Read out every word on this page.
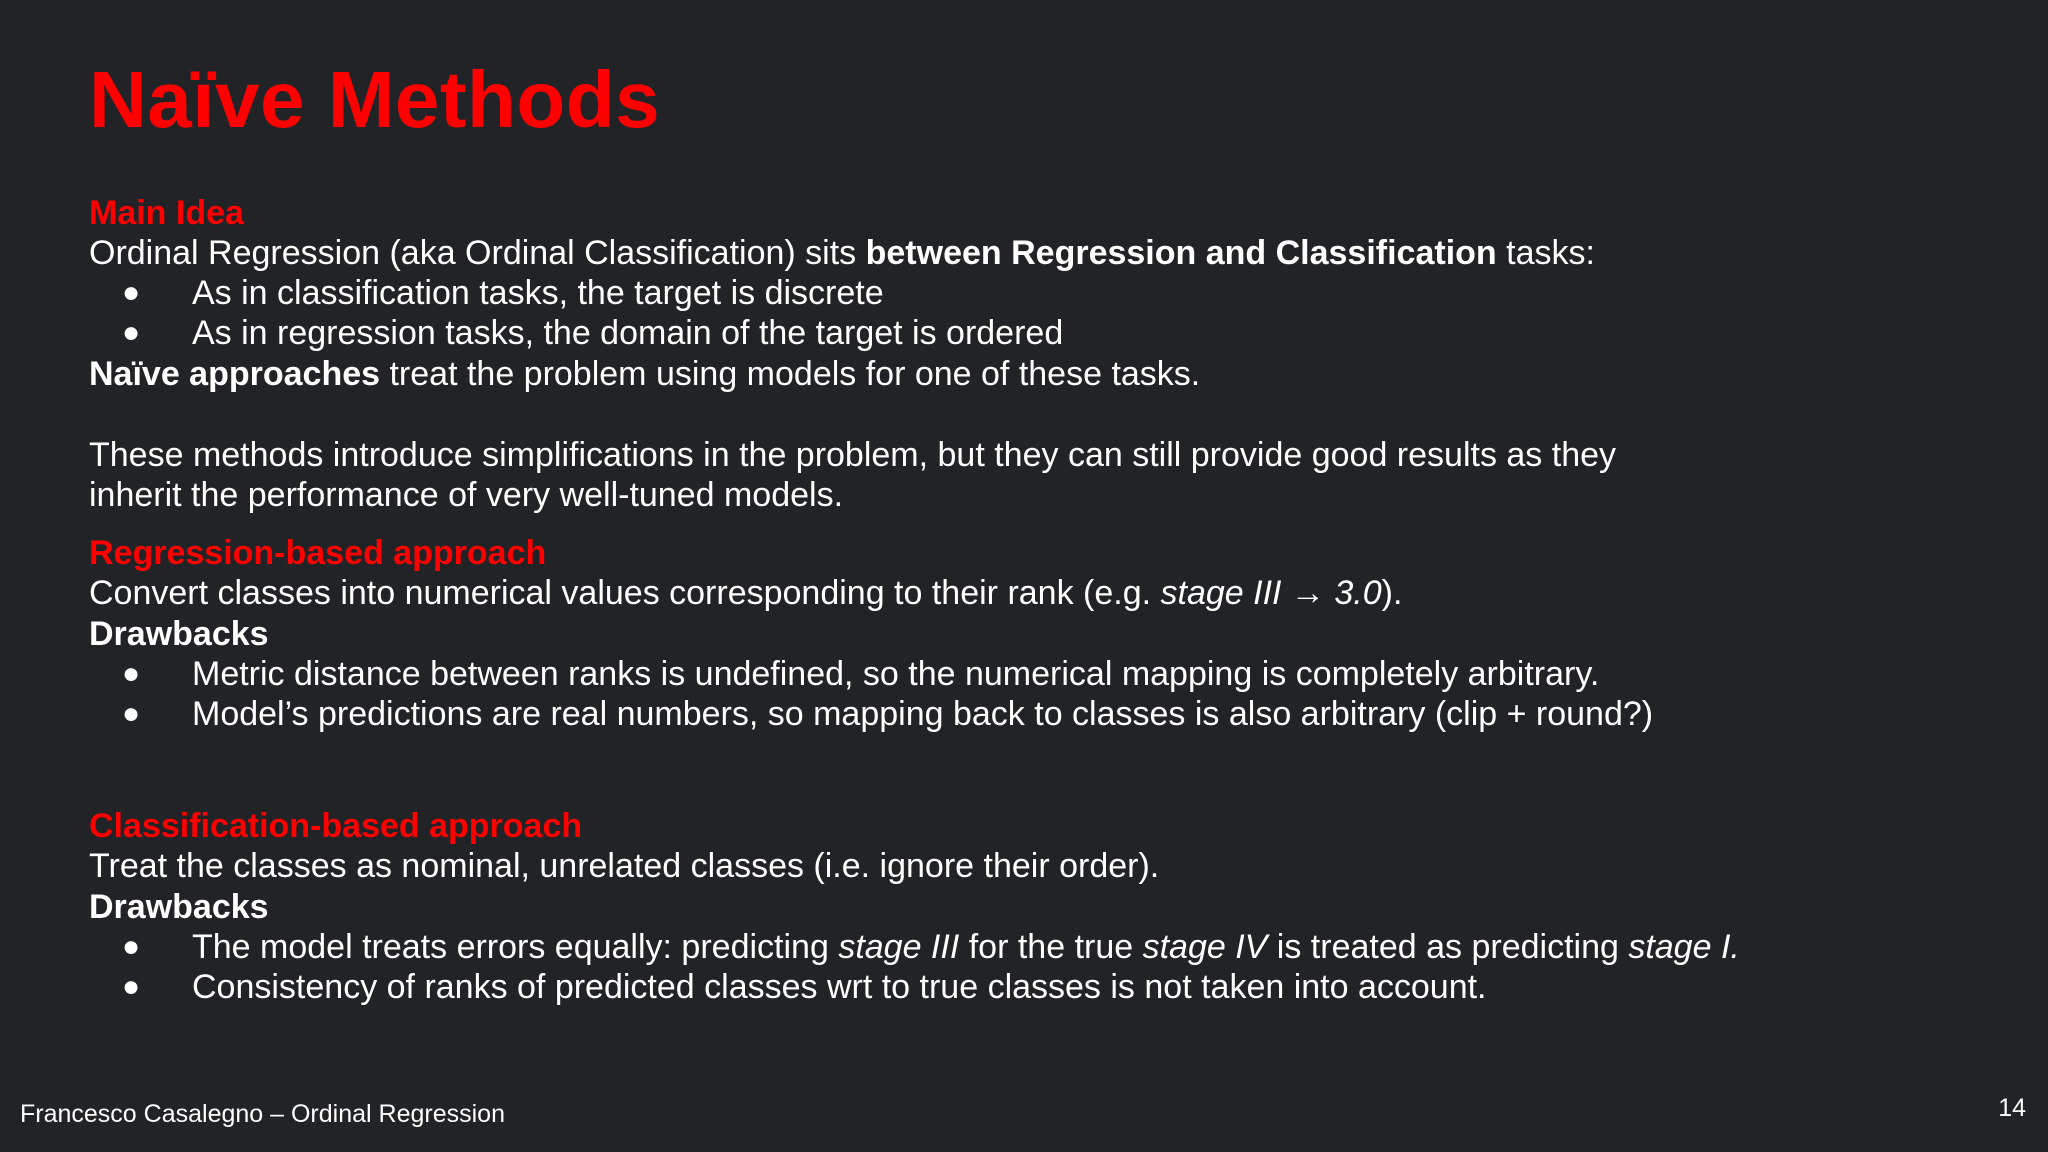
Naïve Methods
Main Idea
Ordinal Regression (aka Ordinal Classification) sits between Regression and Classification tasks:
● As in classification tasks, the target is discrete
● As in regression tasks, the domain of the target is ordered
Naïve approaches treat the problem using models for one of these tasks.
These methods introduce simplifications in the problem, but they can still provide good results as they
inherit the performance of very well-tuned models.
Regression-based approach
Convert classes into numerical values corresponding to their rank (e.g. stage III → 3.0).
Drawbacks
● Metric distance between ranks is undefined, so the numerical mapping is completely arbitrary.
● Model’s predictions are real numbers, so mapping back to classes is also arbitrary (clip + round?)
Classification-based approach
Treat the classes as nominal, unrelated classes (i.e. ignore their order).
Drawbacks
● The model treats errors equally: predicting stage III for the true stage IV is treated as predicting stage I.
● Consistency of ranks of predicted classes wrt to true classes is not taken into account.
Francesco Casalegno – Ordinal Regression	14
